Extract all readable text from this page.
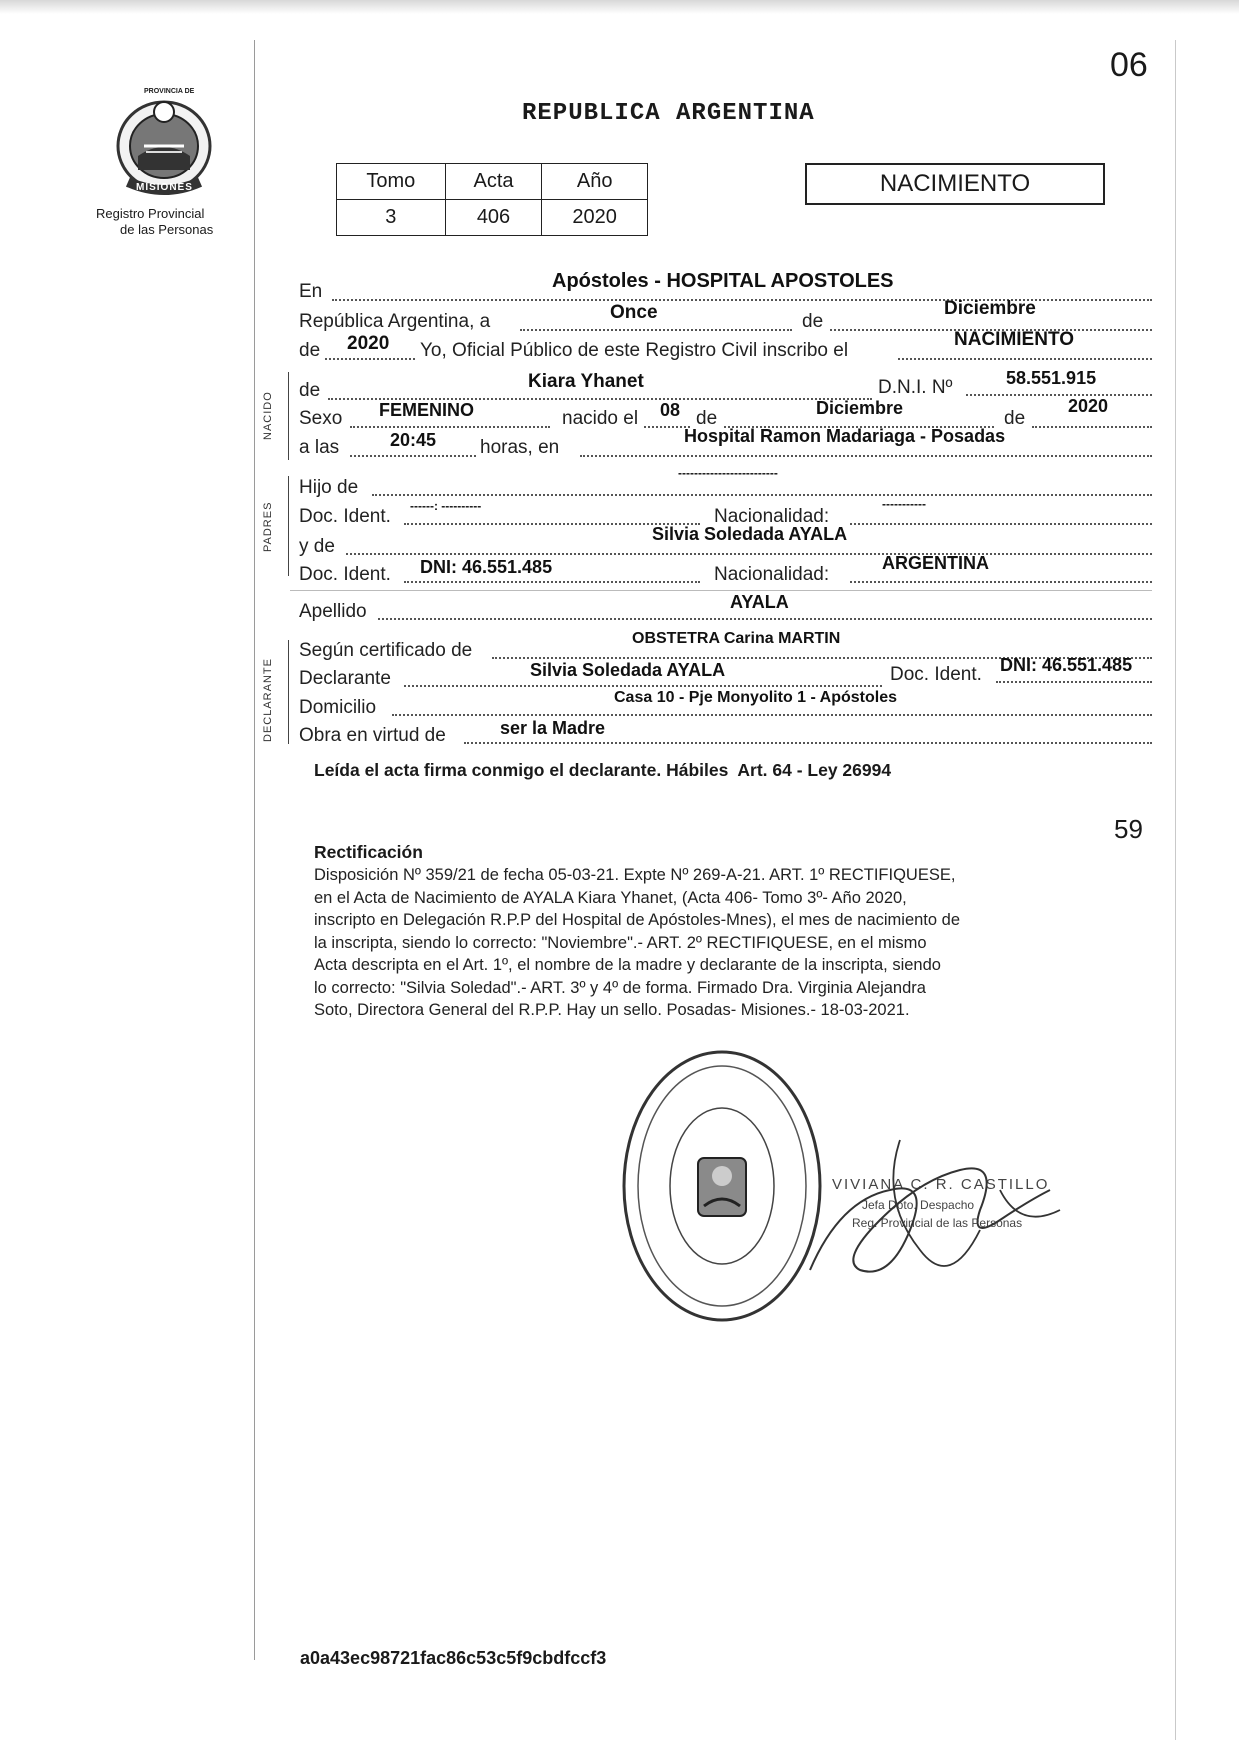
06
PROVINCIA DE
MISIONES
Registro Provincial
de las Personas
REPUBLICA ARGENTINA
Tomo	Acta	Año
3	406	2020
NACIMIENTO
NACIDO
PADRES
DECLARANTE
En	Apóstoles - HOSPITAL APOSTOLES
República Argentina, a	Once	de
Diciembre
de 2020 Yo, Oficial Público de este Registro Civil inscribo el
NACIMIENTO
de	Kiara Yhanet	D.N.I. Nº	58.551.915
Sexo FEMENINO	nacido el 08 de	Diciembre	de
2020
a las	20:45 horas, en
Hospital Ramon Madariaga - Posadas
Hijo de
-------------------------
Doc. Ident. ------: ----------	Nacionalidad:
-----------
y de
Silvia Soledada AYALA
Doc. Ident. DNI: 46.551.485	Nacionalidad:
ARGENTINA
Apellido	AYALA
Según certificado de
OBSTETRA Carina MARTIN
Declarante	Silvia Soledada AYALA	Doc. Ident. DNI: 46.551.485
Domicilio	Casa 10 - Pje Monyolito 1 - Apóstoles
Obra en virtud de	ser la Madre
Leída el acta firma conmigo el declarante. Hábiles  Art. 64 - Ley 26994
59
Rectificación
Disposición Nº 359/21 de fecha 05-03-21. Expte Nº 269-A-21. ART. 1º RECTIFIQUESE,
en el Acta de Nacimiento de AYALA Kiara Yhanet, (Acta 406- Tomo 3º- Año 2020,
inscripto en Delegación R.P.P del Hospital de Apóstoles-Mnes), el mes de nacimiento de
la inscripta, siendo lo correcto: "Noviembre".- ART. 2º RECTIFIQUESE, en el mismo
Acta descripta en el Art. 1º, el nombre de la madre y declarante de la inscripta, siendo
lo correcto: "Silvia Soledad".- ART. 3º y 4º de forma. Firmado Dra. Virginia Alejandra
Soto, Directora General del R.P.P. Hay un sello. Posadas- Misiones.- 18-03-2021.
VIVIANA C. R. CASTILLO
Jefa Dpto. Despacho
Reg. Provincial de las Personas
a0a43ec98721fac86c53c5f9cbdfccf3
